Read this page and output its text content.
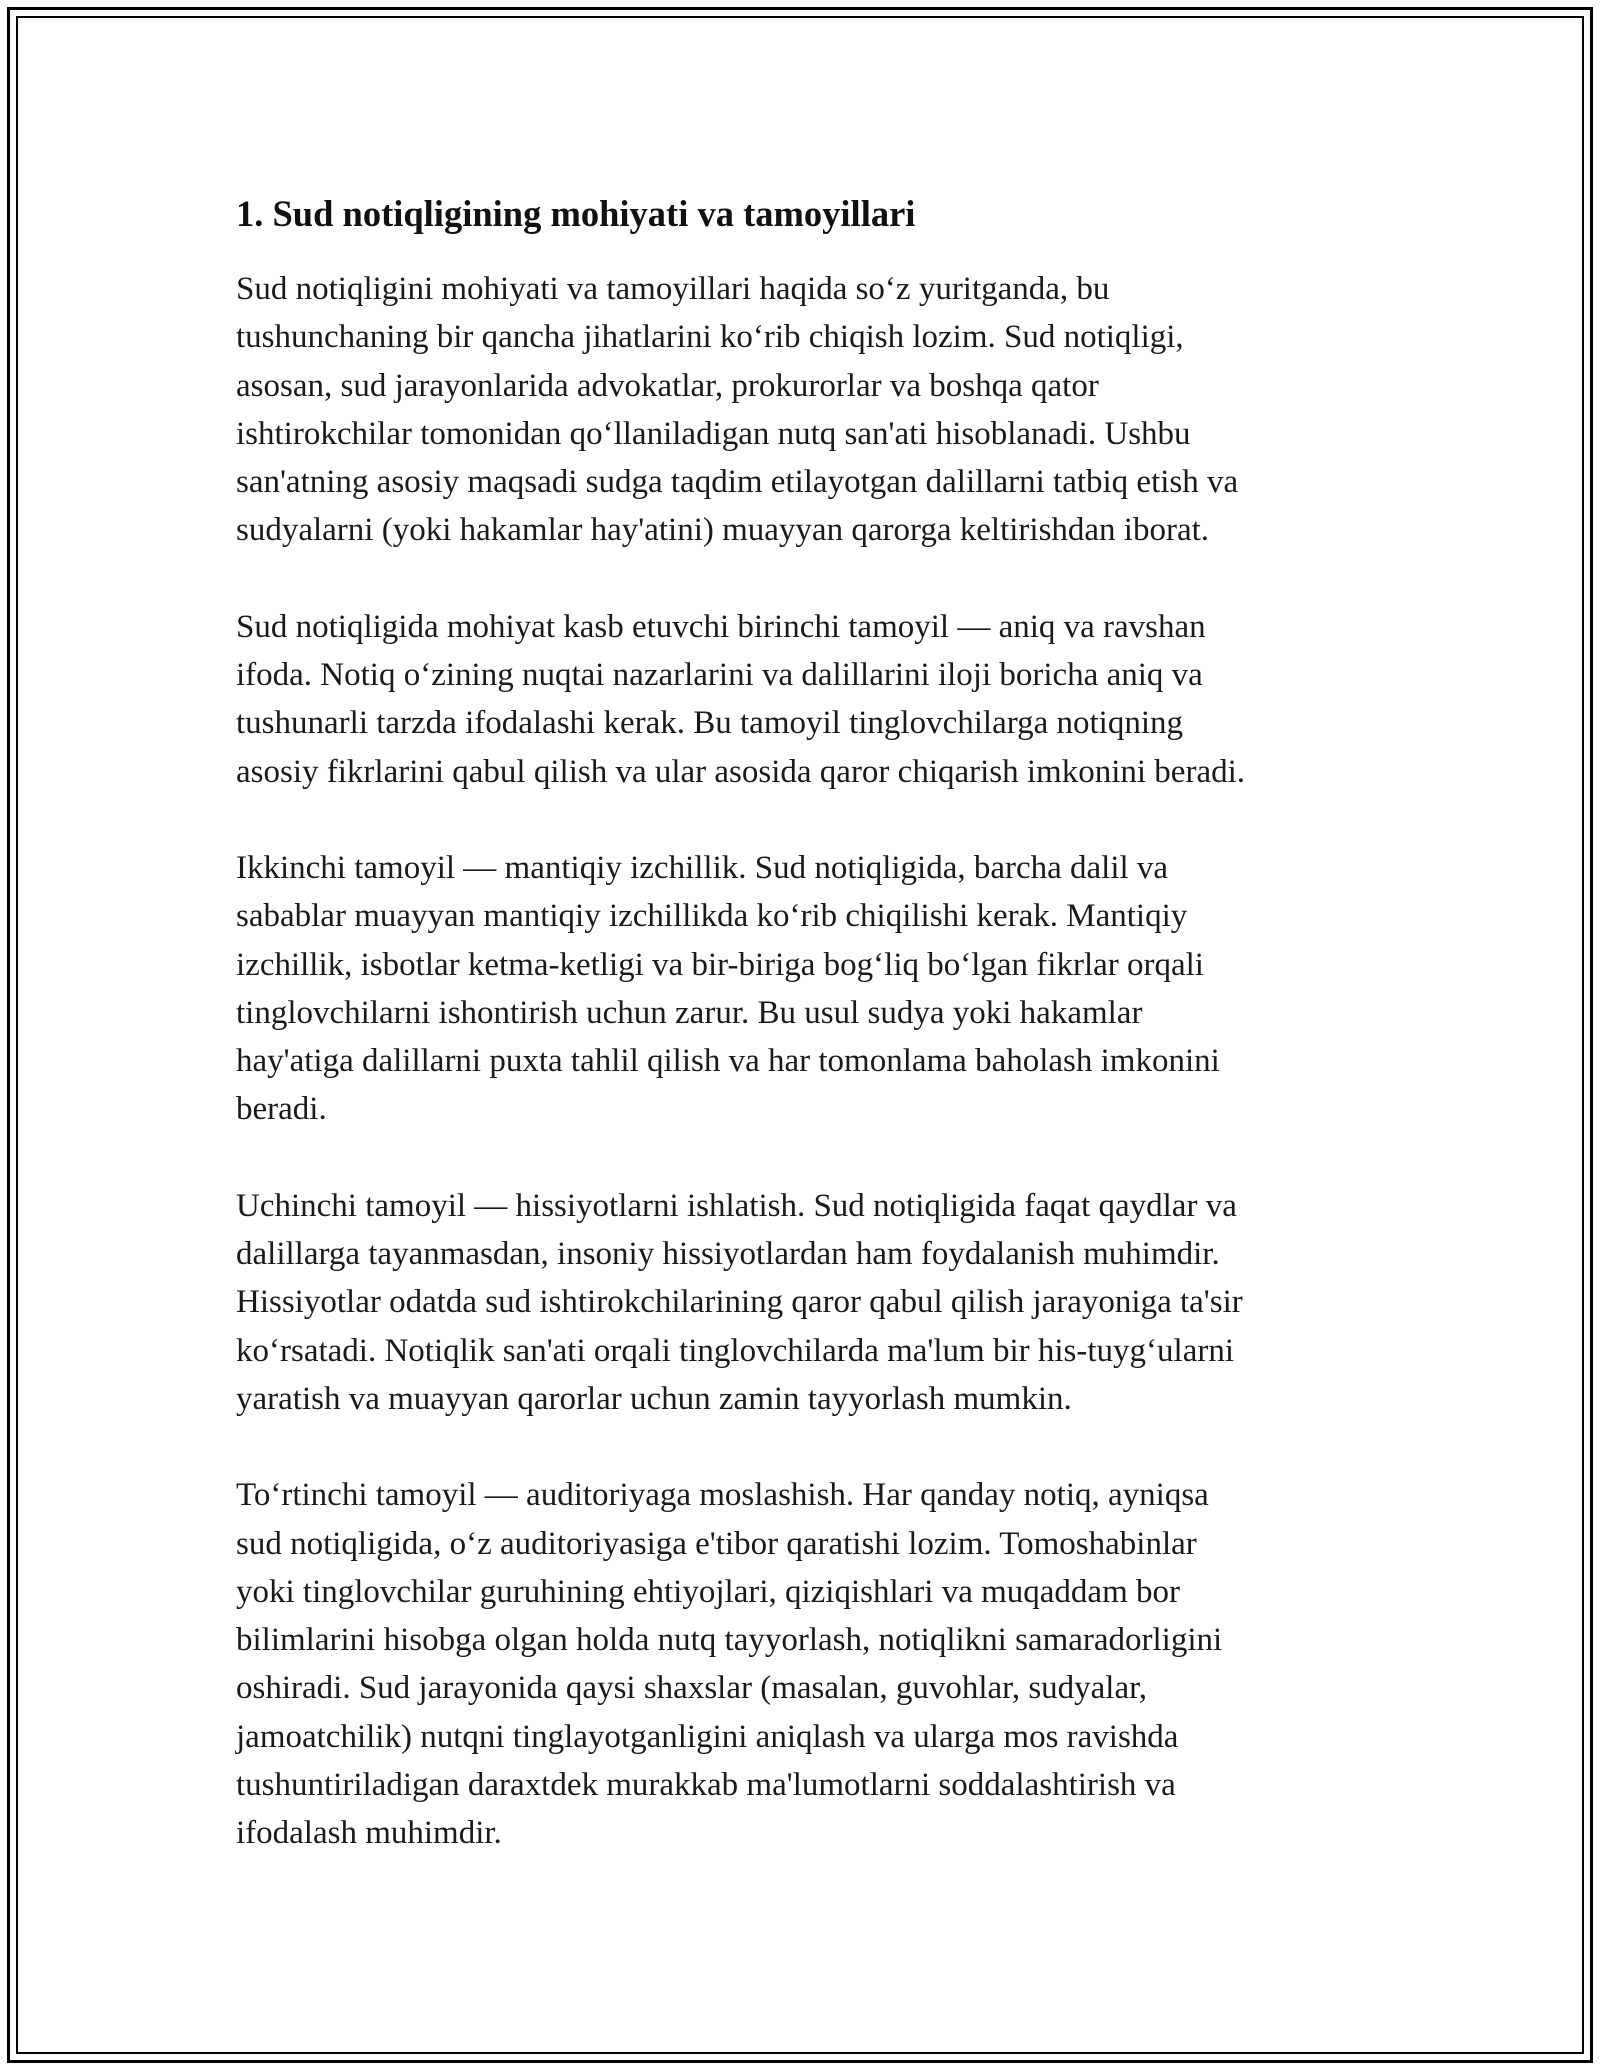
1. Sud notiqligining mohiyati va tamoyillari

Sud notiqligini mohiyati va tamoyillari haqida so‘z yuritganda, bu
tushunchaning bir qancha jihatlarini ko‘rib chiqish lozim. Sud notiqligi,
asosan, sud jarayonlarida advokatlar, prokurorlar va boshqa qator
ishtirokchilar tomonidan qo‘llaniladigan nutq san'ati hisoblanadi. Ushbu
san'atning asosiy maqsadi sudga taqdim etilayotgan dalillarni tatbiq etish va
sudyalarni (yoki hakamlar hay'atini) muayyan qarorga keltirishdan iborat.

Sud notiqligida mohiyat kasb etuvchi birinchi tamoyil — aniq va ravshan
ifoda. Notiq o‘zining nuqtai nazarlarini va dalillarini iloji boricha aniq va
tushunarli tarzda ifodalashi kerak. Bu tamoyil tinglovchilarga notiqning
asosiy fikrlarini qabul qilish va ular asosida qaror chiqarish imkonini beradi.

Ikkinchi tamoyil — mantiqiy izchillik. Sud notiqligida, barcha dalil va
sabablar muayyan mantiqiy izchillikda ko‘rib chiqilishi kerak. Mantiqiy
izchillik, isbotlar ketma-ketligi va bir-biriga bog‘liq bo‘lgan fikrlar orqali
tinglovchilarni ishontirish uchun zarur. Bu usul sudya yoki hakamlar
hay'atiga dalillarni puxta tahlil qilish va har tomonlama baholash imkonini
beradi.

Uchinchi tamoyil — hissiyotlarni ishlatish. Sud notiqligida faqat qaydlar va
dalillarga tayanmasdan, insoniy hissiyotlardan ham foydalanish muhimdir.
Hissiyotlar odatda sud ishtirokchilarining qaror qabul qilish jarayoniga ta'sir
ko‘rsatadi. Notiqlik san'ati orqali tinglovchilarda ma'lum bir his-tuyg‘ularni
yaratish va muayyan qarorlar uchun zamin tayyorlash mumkin.

To‘rtinchi tamoyil — auditoriyaga moslashish. Har qanday notiq, ayniqsa
sud notiqligida, o‘z auditoriyasiga e'tibor qaratishi lozim. Tomoshabinlar
yoki tinglovchilar guruhining ehtiyojlari, qiziqishlari va muqaddam bor
bilimlarini hisobga olgan holda nutq tayyorlash, notiqlikni samaradorligini
oshiradi. Sud jarayonida qaysi shaxslar (masalan, guvohlar, sudyalar,
jamoatchilik) nutqni tinglayotganligini aniqlash va ularga mos ravishda
tushuntiriladigan daraxtdek murakkab ma'lumotlarni soddalashtirish va
ifodalash muhimdir.
